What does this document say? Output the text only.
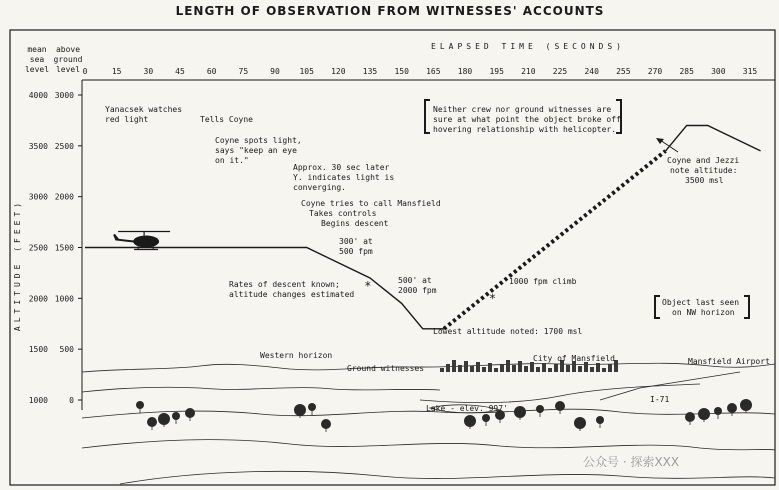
LENGTH OF OBSERVATION FROM WITNESSES' ACCOUNTS
ELAPSED TIME (SECONDS)
mean
sea
level
above
ground
level
ALTITUDE (FEET)
0	15	30	45	60	75	90 105 120 135 150 165 180 195 210 225 240 255 270 285 300 315
4000
3500
3000
2500
2000
1500
1000
3000
2500
2000
1500
1000
500
0
*
*
Yanacsek watches
red light	Tells Coyne
Coyne spots light,
says "keep an eye
on it."
Approx. 30 sec later
Y. indicates light is
converging.
Coyne tries to call Mansfield
Takes controls
Begins descent
300' at
500 fpm
500' at
2000 fpm
Rates of descent known;
altitude changes estimated
Lowest altitude noted: 1700 msl
1000 fpm climb
Neither crew nor ground witnesses are
sure at what point the object broke off
hovering relationship with helicopter.
Coyne and Jezzi
note altitude:
3500 msl
Object last seen
on NW horizon
Western horizon
Ground witnesses
City of Mansfield	Mansfield Airport
Lake - elev. 997'
I-71
公众号 · 探索XXX
